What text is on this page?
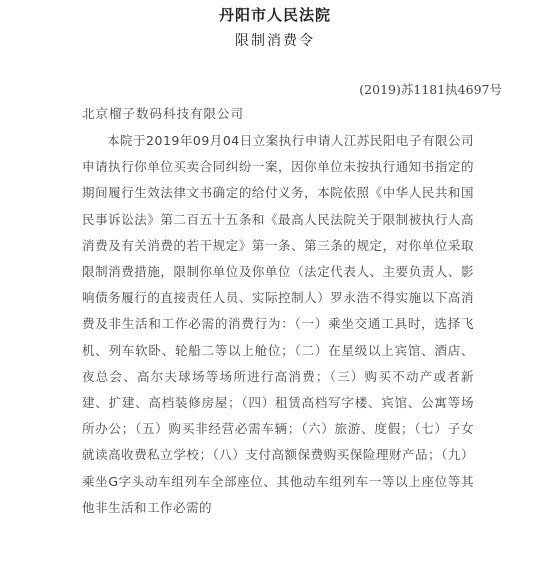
丹阳市人民法院
限制消费令
(2019)苏1181执4697号
北京榴子数码科技有限公司

本院于2019年09月04日立案执行申请人江苏民阳电子有限公司申请执行你单位买卖合同纠纷一案，因你单位未按执行通知书指定的期间履行生效法律文书确定的给付义务，本院依照《中华人民共和国民事诉讼法》第二百五十五条和《最高人民法院关于限制被执行人高消费及有关消费的若干规定》第一条、第三条的规定，对你单位采取限制消费措施，限制你单位及你单位（法定代表人、主要负责人、影响债务履行的直接责任人员、实际控制人）罗永浩不得实施以下高消费及非生活和工作必需的消费行为：（一）乘坐交通工具时，选择飞机、列车软卧、轮船二等以上舱位；（二）在星级以上宾馆、酒店、夜总会、高尔夫球场等场所进行高消费；（三）购买不动产或者新建、扩建、高档装修房屋；（四）租赁高档写字楼、宾馆、公寓等场所办公；（五）购买非经营必需车辆；（六）旅游、度假；（七）子女就读高收费私立学校；（八）支付高额保费购买保险理财产品；（九）乘坐G字头动车组列车全部座位、其他动车组列车一等以上座位等其他非生活和工作必需的
